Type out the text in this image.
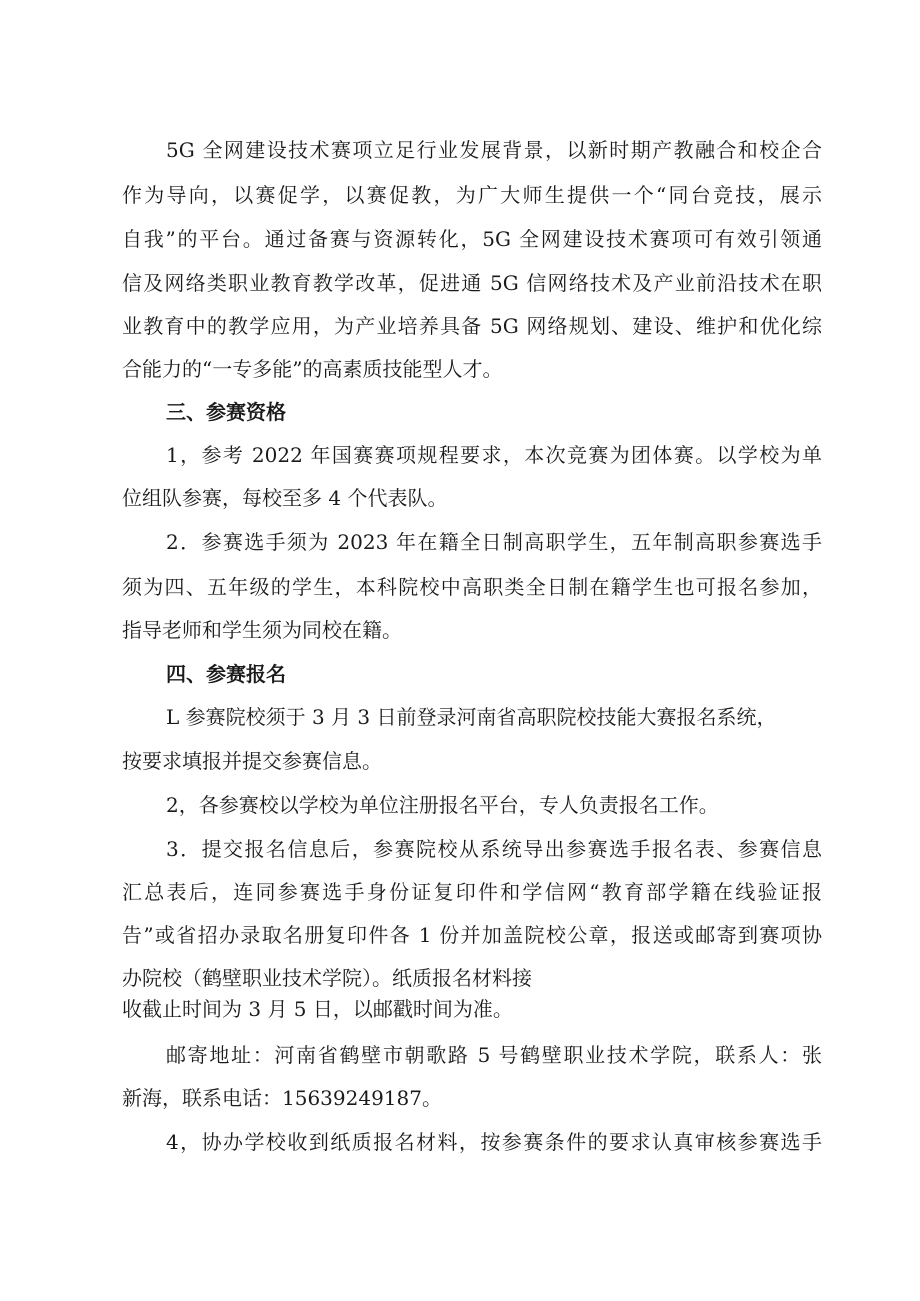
5G 全网建设技术赛项立足行业发展背景，以新时期产教融合和校企合
作为导向，以赛促学，以赛促教，为广大师生提供一个“同台竞技，展示
自我”的平台。通过备赛与资源转化，5G 全网建设技术赛项可有效引领通
信及网络类职业教育教学改革，促进通 5G 信网络技术及产业前沿技术在职
业教育中的教学应用，为产业培养具备 5G 网络规划、建设、维护和优化综
合能力的“一专多能”的高素质技能型人才。
三、参赛资格
1，参考 2022 年国赛赛项规程要求，本次竞赛为团体赛。以学校为单
位组队参赛，每校至多 4 个代表队。
2．参赛选手须为 2023 年在籍全日制高职学生，五年制高职参赛选手
须为四、五年级的学生，本科院校中高职类全日制在籍学生也可报名参加，
指导老师和学生须为同校在籍。
四、参赛报名
L 参赛院校须于 3 月 3 日前登录河南省高职院校技能大赛报名系统，
按要求填报并提交参赛信息。
2，各参赛校以学校为单位注册报名平台，专人负责报名工作。
3．提交报名信息后，参赛院校从系统导出参赛选手报名表、参赛信息
汇总表后，连同参赛选手身份证复印件和学信网“教育部学籍在线验证报
告”或省招办录取名册复印件各 1 份并加盖院校公章，报送或邮寄到赛项协
办院校（鹤壁职业技术学院）。纸质报名材料接
收截止时间为 3 月 5 日，以邮戳时间为准。
邮寄地址：河南省鹤壁市朝歌路 5 号鹤壁职业技术学院，联系人：张
新海，联系电话：15639249187。
4，协办学校收到纸质报名材料，按参赛条件的要求认真审核参赛选手
